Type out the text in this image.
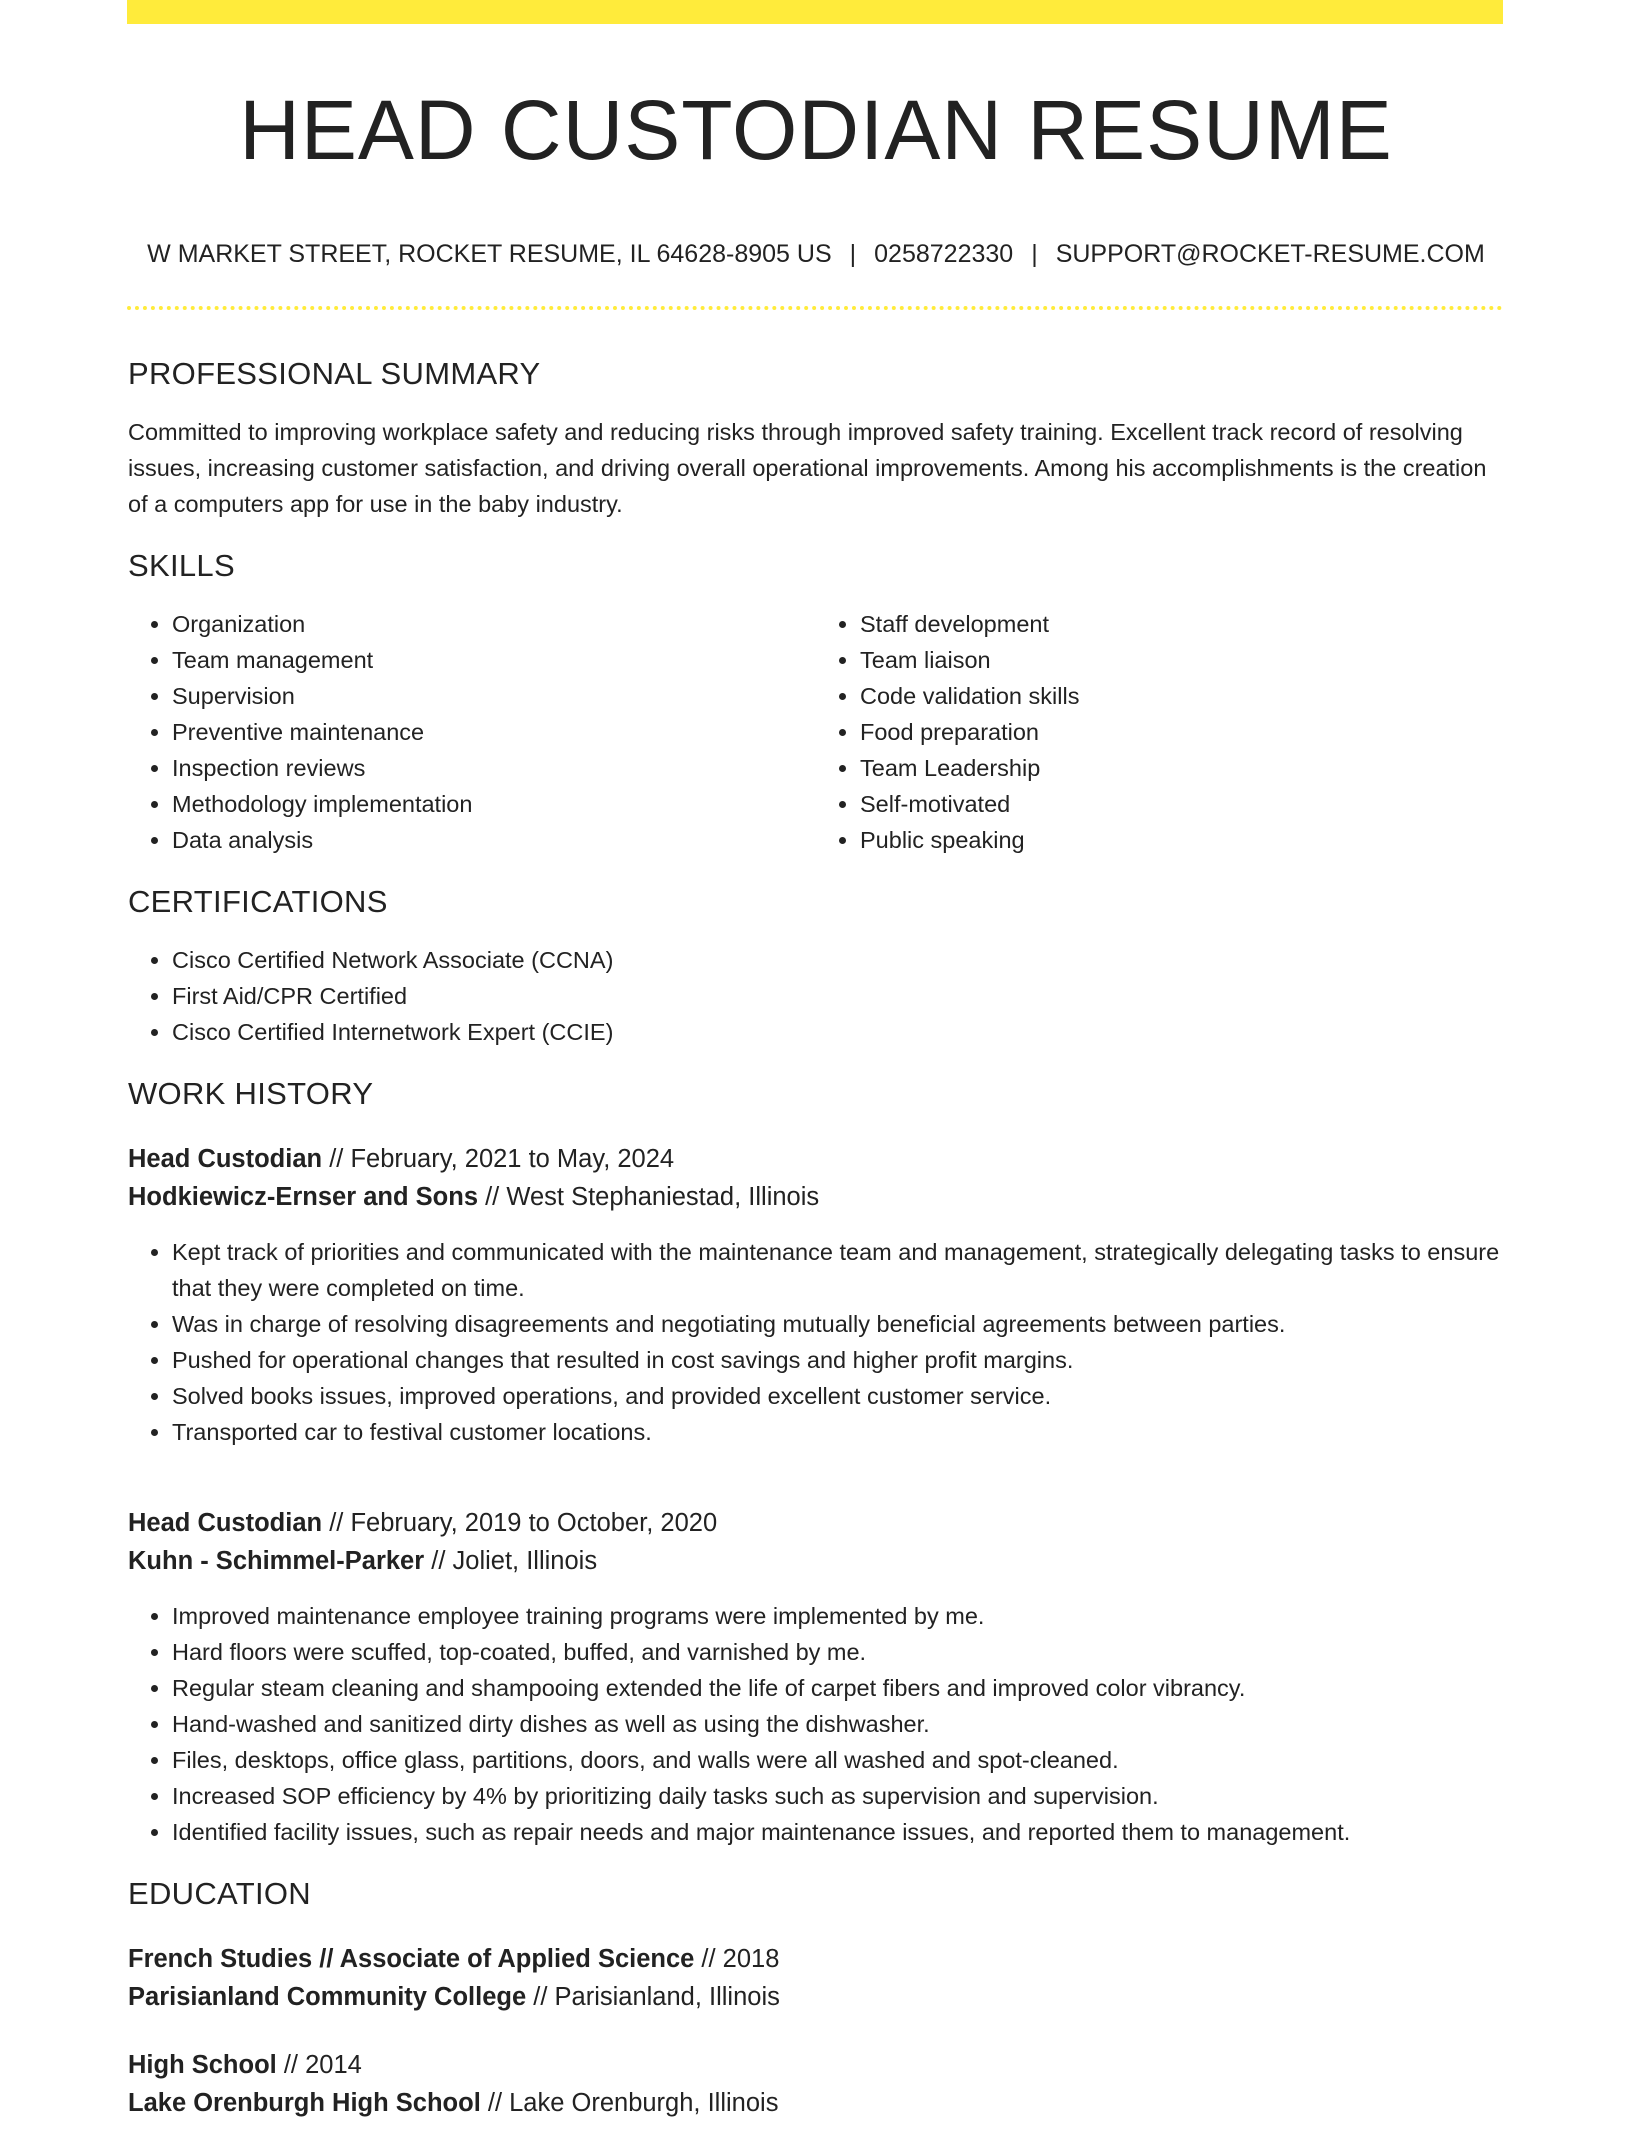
HEAD CUSTODIAN RESUME
W MARKET STREET, ROCKET RESUME, IL 64628-8905 US | 0258722330 | SUPPORT@ROCKET-RESUME.COM
PROFESSIONAL SUMMARY

Committed to improving workplace safety and reducing risks through improved safety training. Excellent track record of resolving issues, increasing customer satisfaction, and driving overall operational improvements. Among his accomplishments is the creation of a computers app for use in the baby industry.

SKILLS
• Organization
• Team management
• Supervision
• Preventive maintenance
• Inspection reviews
• Methodology implementation
• Data analysis
• Staff development
• Team liaison
• Code validation skills
• Food preparation
• Team Leadership
• Self-motivated
• Public speaking
CERTIFICATIONS
• Cisco Certified Network Associate (CCNA)
• First Aid/CPR Certified
• Cisco Certified Internetwork Expert (CCIE)
WORK HISTORY
Head Custodian // February, 2021 to May, 2024
Hodkiewicz-Ernser and Sons // West Stephaniestad, Illinois
• Kept track of priorities and communicated with the maintenance team and management, strategically delegating tasks to ensure that they were completed on time.
• Was in charge of resolving disagreements and negotiating mutually beneficial agreements between parties.
• Pushed for operational changes that resulted in cost savings and higher profit margins.
• Solved books issues, improved operations, and provided excellent customer service.
• Transported car to festival customer locations.
Head Custodian // February, 2019 to October, 2020
Kuhn - Schimmel-Parker // Joliet, Illinois
• Improved maintenance employee training programs were implemented by me.
• Hard floors were scuffed, top-coated, buffed, and varnished by me.
• Regular steam cleaning and shampooing extended the life of carpet fibers and improved color vibrancy.
• Hand-washed and sanitized dirty dishes as well as using the dishwasher.
• Files, desktops, office glass, partitions, doors, and walls were all washed and spot-cleaned.
• Increased SOP efficiency by 4% by prioritizing daily tasks such as supervision and supervision.
• Identified facility issues, such as repair needs and major maintenance issues, and reported them to management.
EDUCATION
French Studies // Associate of Applied Science // 2018
Parisianland Community College // Parisianland, Illinois
High School // 2014
Lake Orenburgh High School // Lake Orenburgh, Illinois
